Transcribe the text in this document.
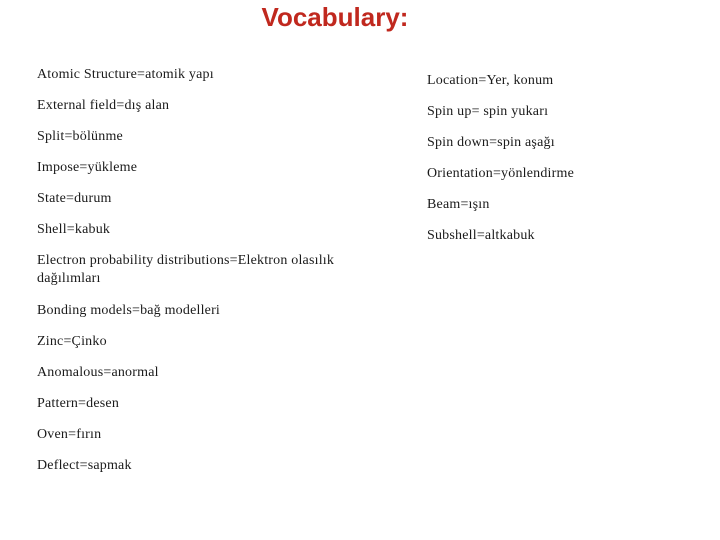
Vocabulary:

Atomic Structure=atomik yapı

External field=dış alan

Split=bölünme

Impose=yükleme

State=durum

Shell=kabuk

Electron probability distributions=Elektron olasılık dağılımları

Bonding models=bağ modelleri

Zinc=Çinko

Anomalous=anormal

Pattern=desen

Oven=fırın

Deflect=sapmak

Location=Yer, konum

Spin up= spin yukarı

Spin down=spin aşağı

Orientation=yönlendirme

Beam=ışın

Subshell=altkabuk
